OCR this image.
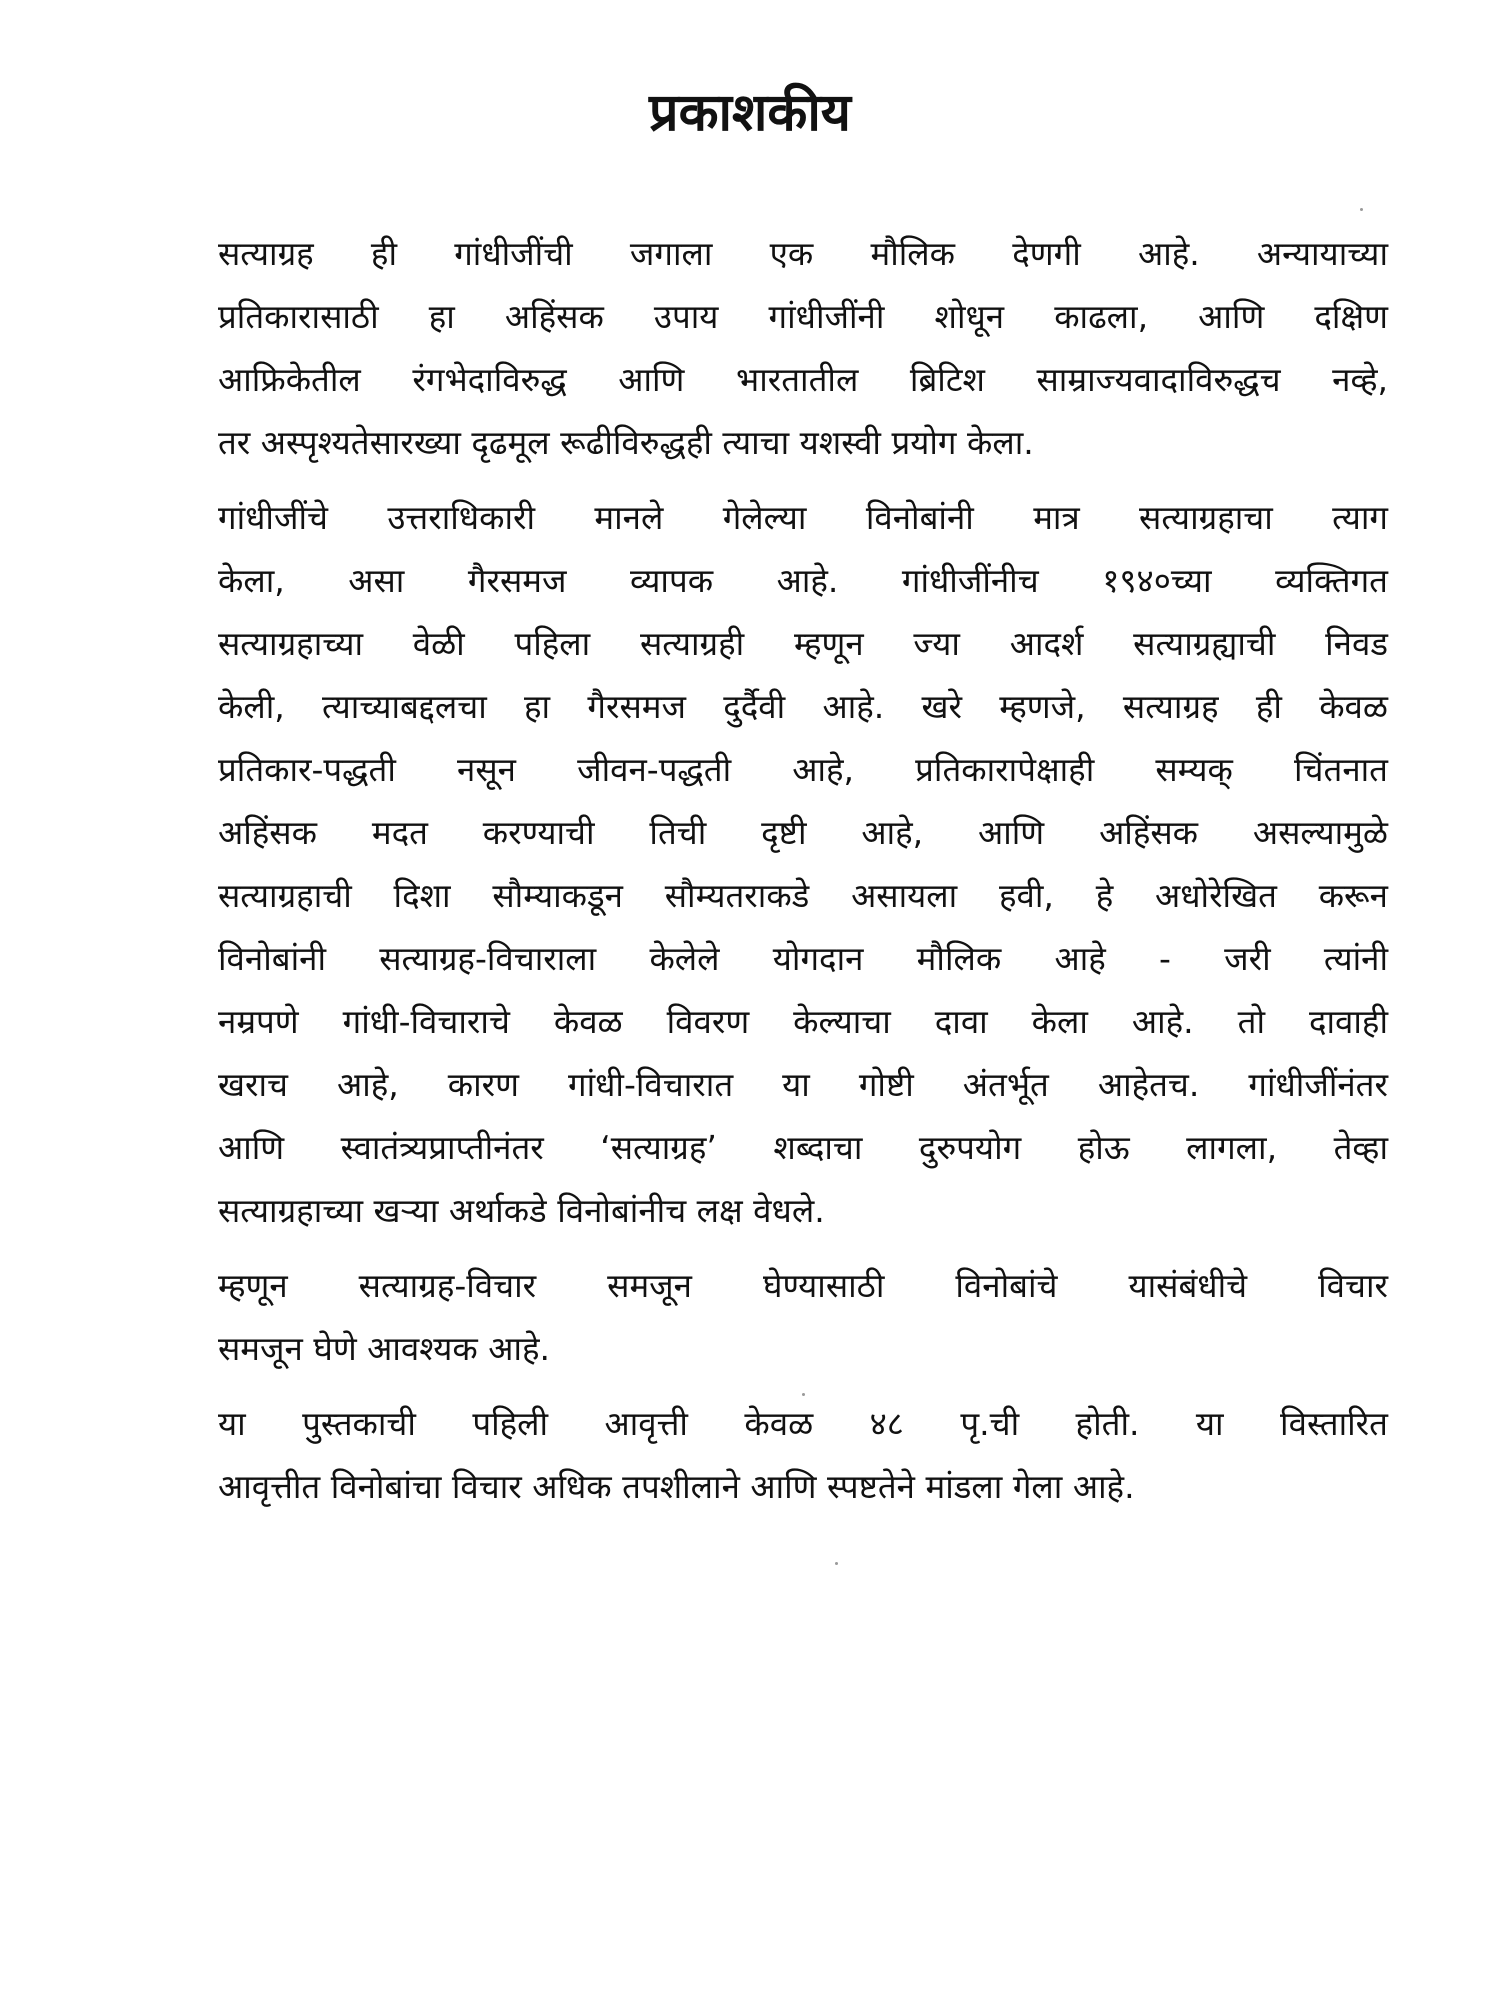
प्रकाशकीय

सत्याग्रह ही गांधीजींची जगाला एक मौलिक देणगी आहे. अन्यायाच्या
प्रतिकारासाठी हा अहिंसक उपाय गांधीजींनी शोधून काढला, आणि दक्षिण
आफ्रिकेतील रंगभेदाविरुद्ध आणि भारतातील ब्रिटिश साम्राज्यवादाविरुद्धच नव्हे,
तर अस्पृश्यतेसारख्या दृढमूल रूढीविरुद्धही त्याचा यशस्वी प्रयोग केला.

गांधीजींचे उत्तराधिकारी मानले गेलेल्या विनोबांनी मात्र सत्याग्रहाचा त्याग
केला, असा गैरसमज व्यापक आहे. गांधीजींनीच १९४०च्या व्यक्तिगत
सत्याग्रहाच्या वेळी पहिला सत्याग्रही म्हणून ज्या आदर्श सत्याग्रह्याची निवड
केली, त्याच्याबद्दलचा हा गैरसमज दुर्दैवी आहे. खरे म्हणजे, सत्याग्रह ही केवळ
प्रतिकार-पद्धती नसून जीवन-पद्धती आहे, प्रतिकारापेक्षाही सम्यक् चिंतनात
अहिंसक मदत करण्याची तिची दृष्टी आहे, आणि अहिंसक असल्यामुळे
सत्याग्रहाची दिशा सौम्याकडून सौम्यतराकडे असायला हवी, हे अधोरेखित करून
विनोबांनी सत्याग्रह-विचाराला केलेले योगदान मौलिक आहे - जरी त्यांनी
नम्रपणे गांधी-विचाराचे केवळ विवरण केल्याचा दावा केला आहे. तो दावाही
खराच आहे, कारण गांधी-विचारात या गोष्टी अंतर्भूत आहेतच. गांधीजींनंतर
आणि स्वातंत्र्यप्राप्तीनंतर ‘सत्याग्रह’ शब्दाचा दुरुपयोग होऊ लागला, तेव्हा
सत्याग्रहाच्या खऱ्या अर्थाकडे विनोबांनीच लक्ष वेधले.

म्हणून सत्याग्रह-विचार समजून घेण्यासाठी विनोबांचे यासंबंधीचे विचार
समजून घेणे आवश्यक आहे.

या पुस्तकाची पहिली आवृत्ती केवळ ४८ पृ.ची होती. या विस्तारित
आवृत्तीत विनोबांचा विचार अधिक तपशीलाने आणि स्पष्टतेने मांडला गेला आहे.
